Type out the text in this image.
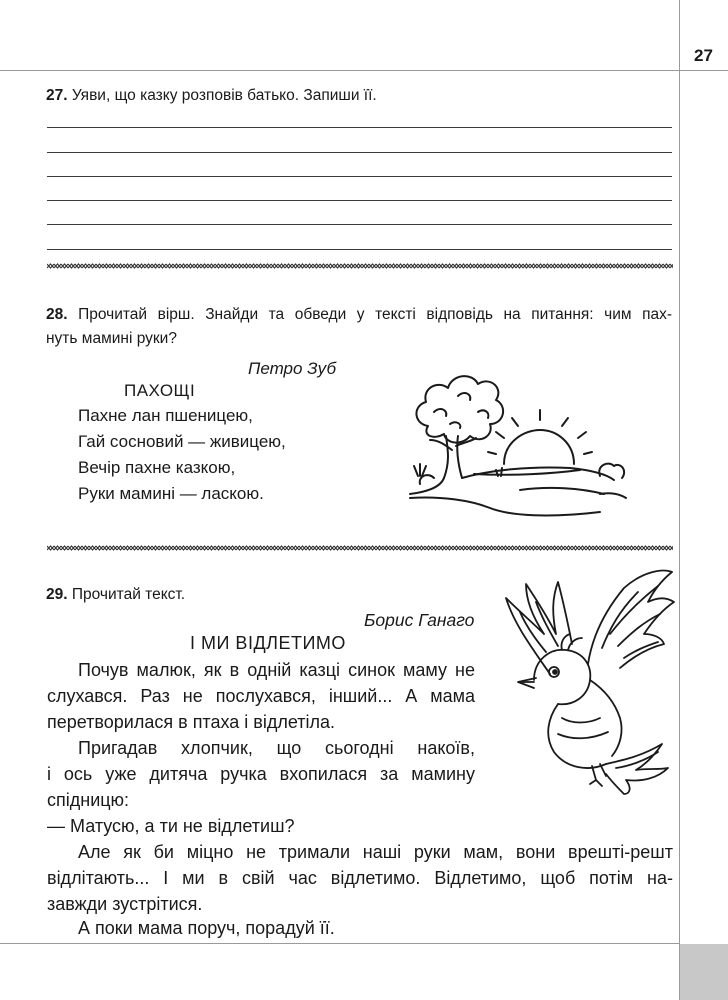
27
27. Уяви, що казку розповів батько. Запиши її.
28. Прочитай вірш. Знайди та обведи у тексті відповідь на питання: чим пах-
нуть мамині руки?
Петро Зуб
ПАХОЩІ
Пахне лан пшеницею,
Гай сосновий — живицею,
Вечір пахне казкою,
Руки мамині — ласкою.
29. Прочитай текст.
Борис Ганаго
І МИ ВІДЛЕТИМО
Почув малюк, як в одній казці синок маму не
слухався. Раз не послухався, інший... А мама
перетворилася в птаха і відлетіла.
Пригадав хлопчик, що сьогодні накоїв,
і ось уже дитяча ручка вхопилася за мамину
спідницю:
— Матусю, а ти не відлетиш?
Але як би міцно не тримали наші руки мам, вони врешті-решт
відлітають... І ми в свій час відлетимо. Відлетимо, щоб потім на-
завжди зустрітися.
А поки мама поруч, порадуй її.
